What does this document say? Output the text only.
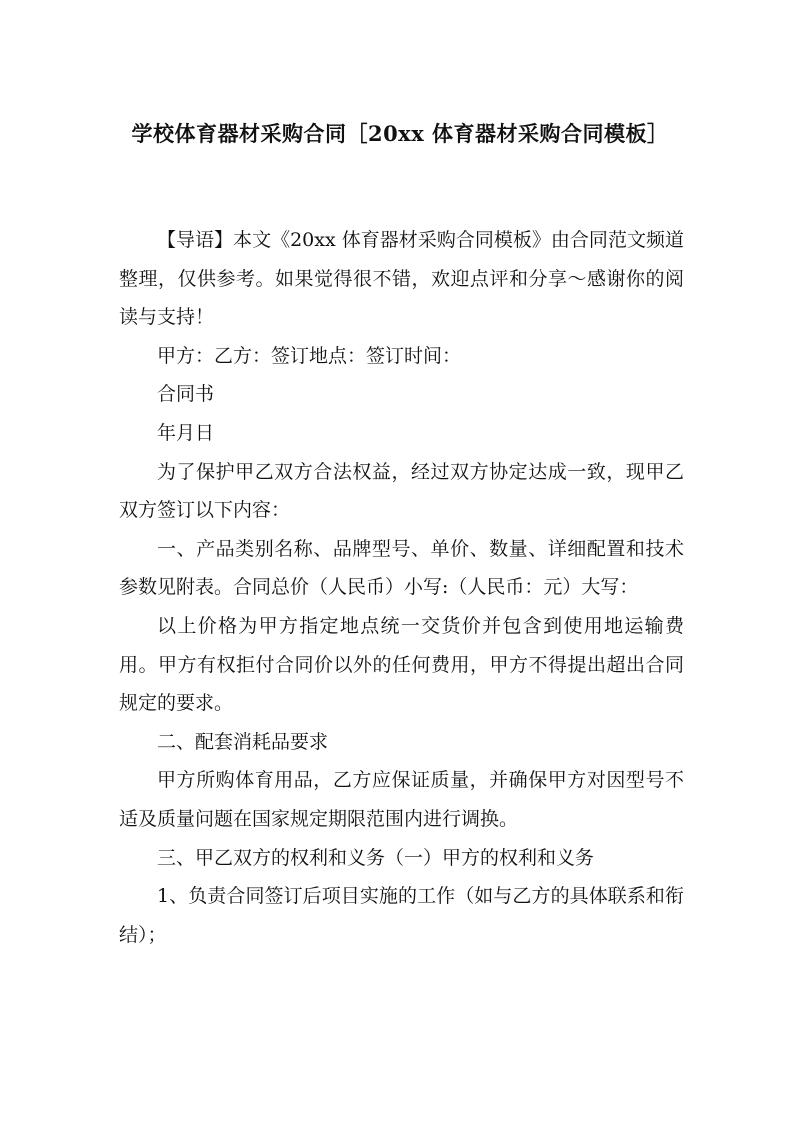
学校体育器材采购合同［20xx 体育器材采购合同模板］

【导语】本文《20xx 体育器材采购合同模板》由合同范文频道整理，仅供参考。如果觉得很不错，欢迎点评和分享～感谢你的阅读与支持！

甲方：乙方：签订地点：签订时间：

合同书

年月日

为了保护甲乙双方合法权益，经过双方协定达成一致，现甲乙双方签订以下内容：

一、产品类别名称、品牌型号、单价、数量、详细配置和技术参数见附表。合同总价（人民币）小写:（人民币：元）大写：

以上价格为甲方指定地点统一交货价并包含到使用地运输费用。甲方有权拒付合同价以外的任何费用，甲方不得提出超出合同规定的要求。

二、配套消耗品要求

甲方所购体育用品，乙方应保证质量，并确保甲方对因型号不适及质量问题在国家规定期限范围内进行调换。

三、甲乙双方的权利和义务（一）甲方的权利和义务

1、负责合同签订后项目实施的工作（如与乙方的具体联系和衔结）；
